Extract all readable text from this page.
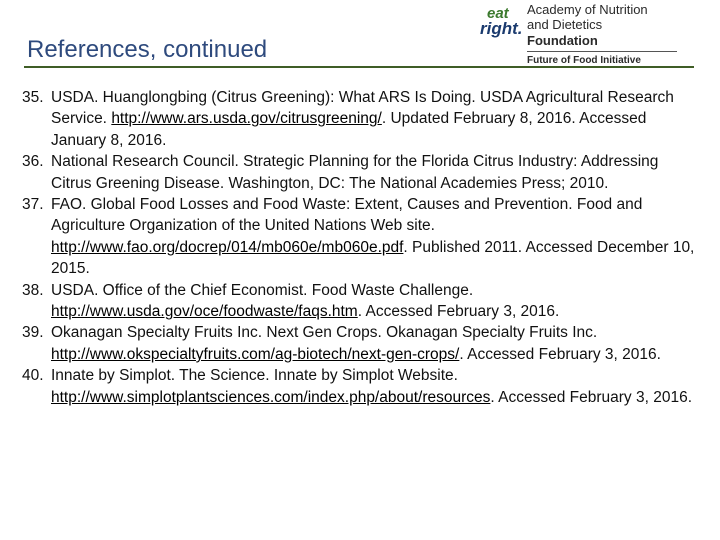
References, continued
eat
right.
Academy of Nutrition
and Dietetics
Foundation
Future of Food Initiative
35. USDA. Huanglongbing (Citrus Greening): What ARS Is Doing. USDA Agricultural Research Service. http://www.ars.usda.gov/citrusgreening/. Updated February 8, 2016. Accessed January 8, 2016.
36. National Research Council. Strategic Planning for the Florida Citrus Industry: Addressing Citrus Greening Disease. Washington, DC: The National Academies Press; 2010.
37. FAO. Global Food Losses and Food Waste: Extent, Causes and Prevention. Food and Agriculture Organization of the United Nations Web site. http://www.fao.org/docrep/014/mb060e/mb060e.pdf. Published 2011. Accessed December 10, 2015.
38. USDA. Office of the Chief Economist. Food Waste Challenge. http://www.usda.gov/oce/foodwaste/faqs.htm. Accessed February 3, 2016.
39. Okanagan Specialty Fruits Inc. Next Gen Crops. Okanagan Specialty Fruits Inc. http://www.okspecialtyfruits.com/ag-biotech/next-gen-crops/. Accessed February 3, 2016.
40. Innate by Simplot. The Science. Innate by Simplot Website. http://www.simplotplantsciences.com/index.php/about/resources. Accessed February 3, 2016.
